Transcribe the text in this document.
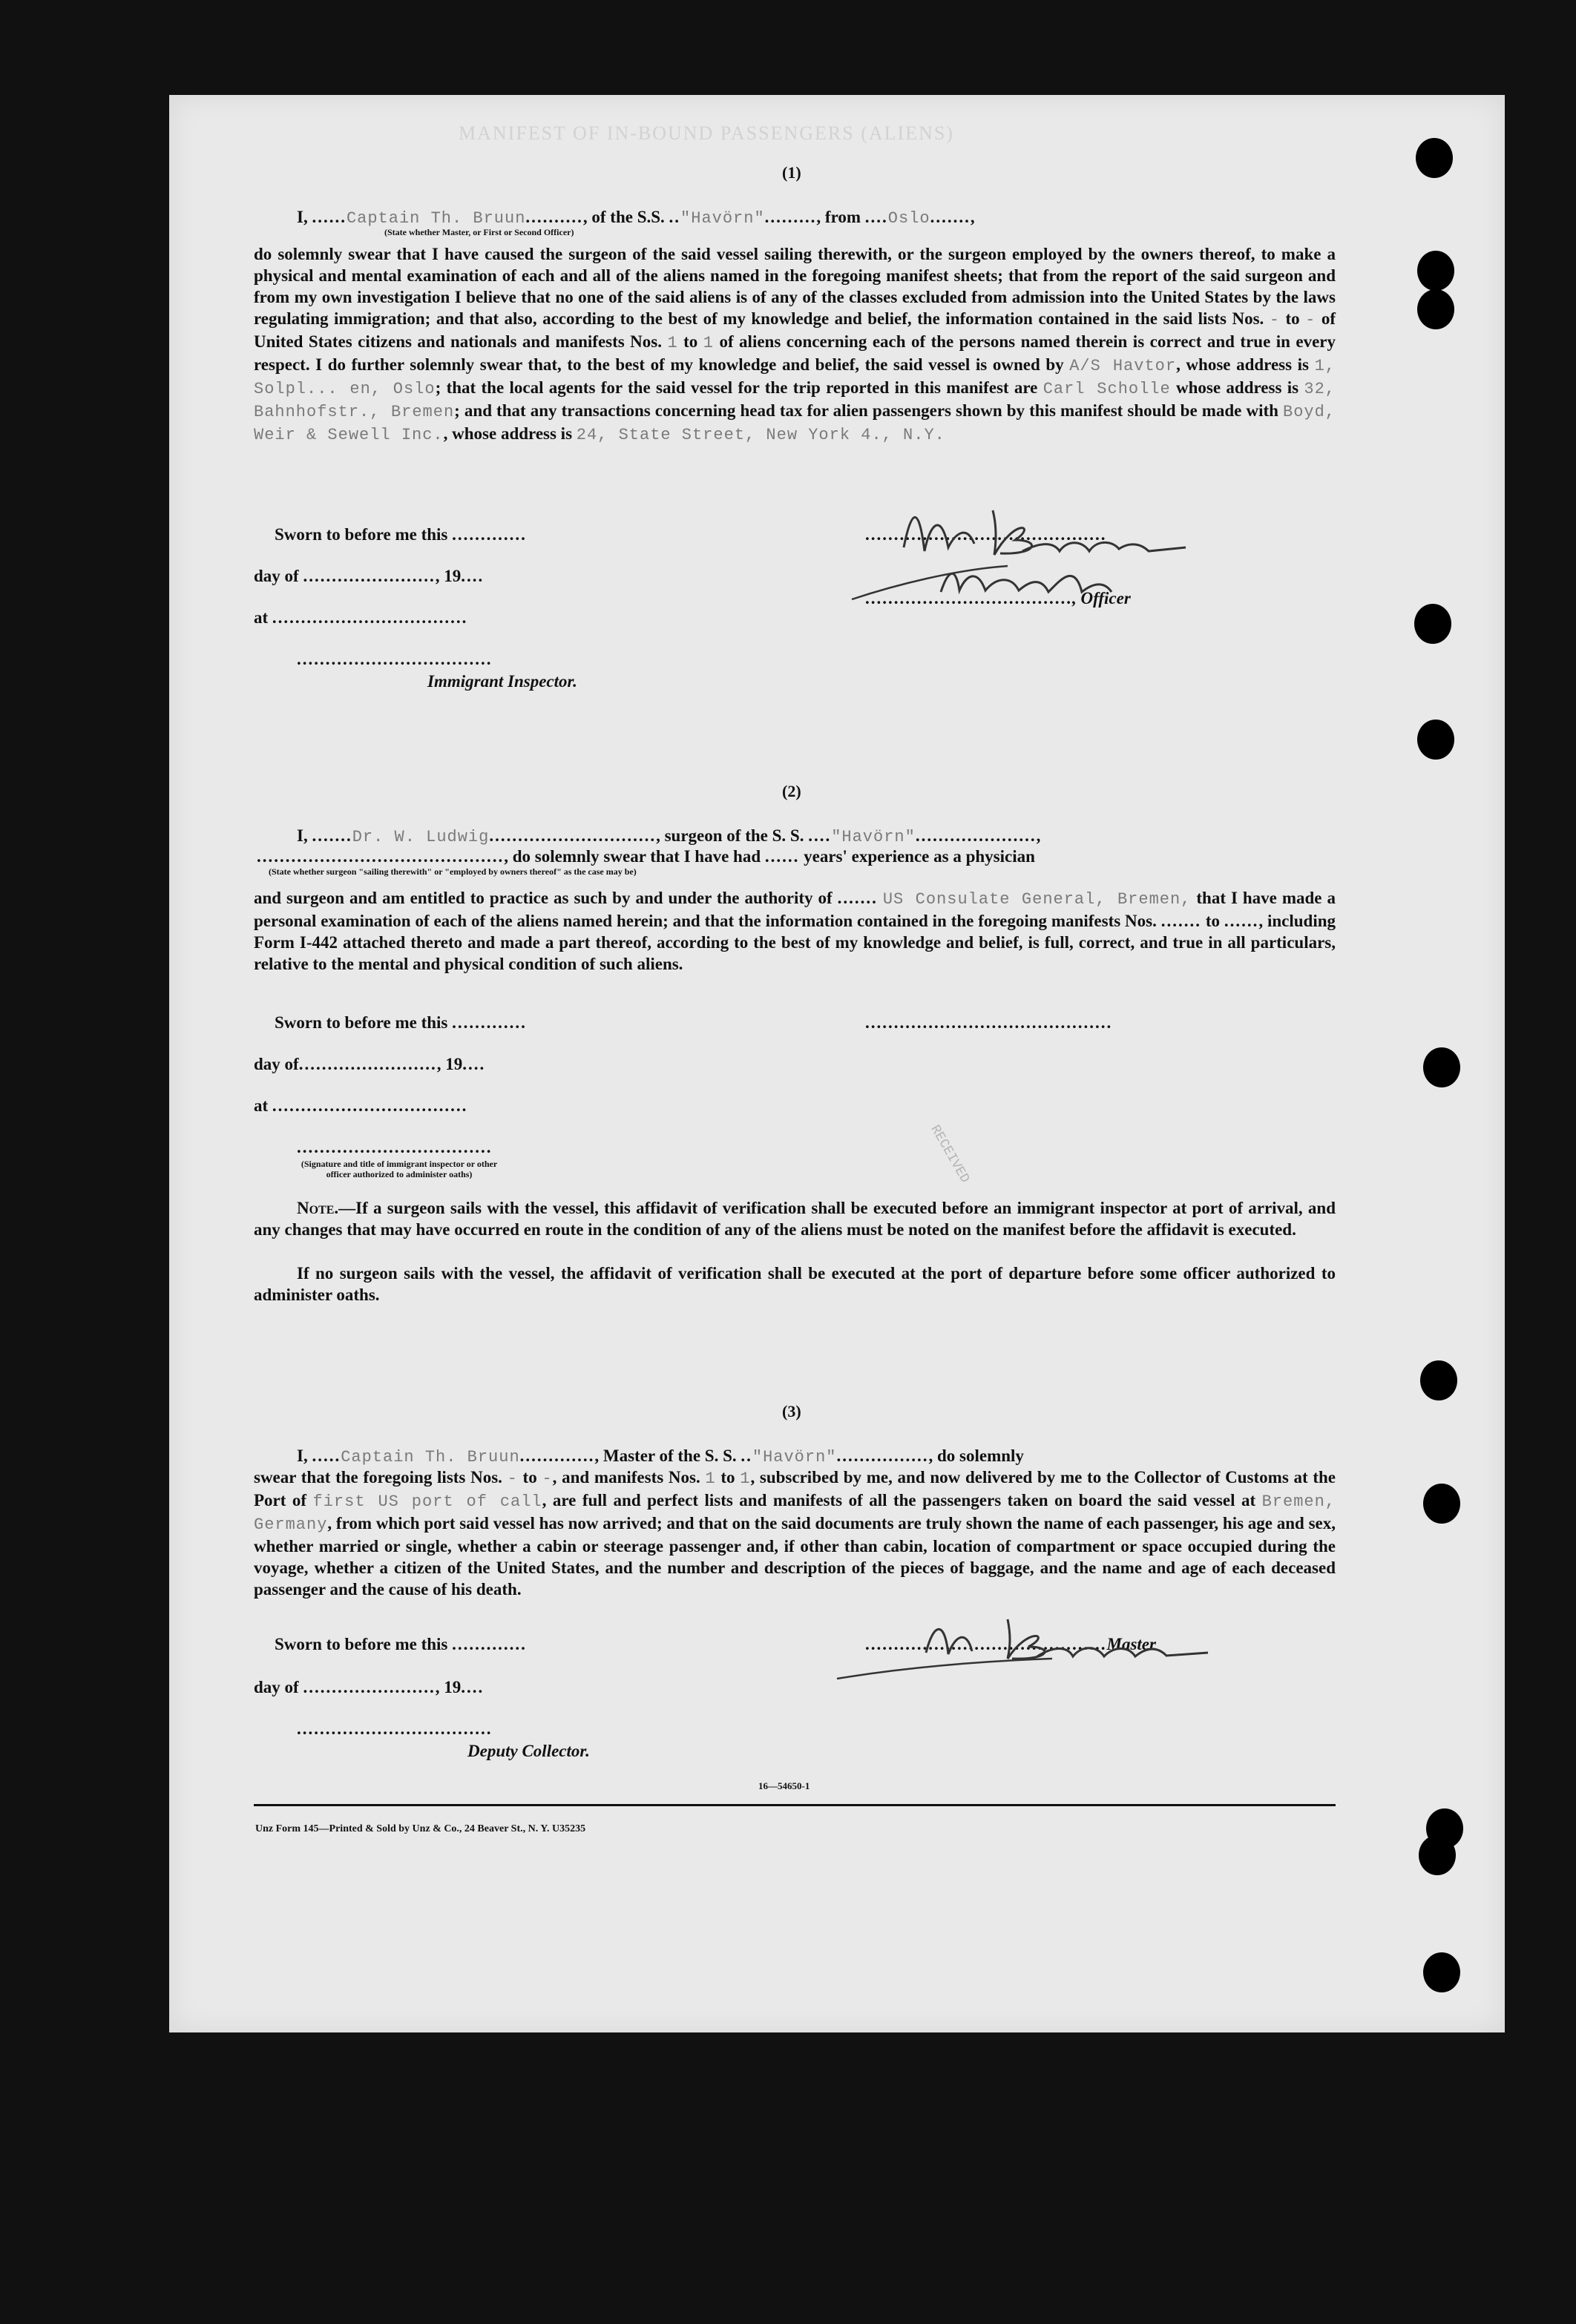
MANIFEST OF IN-BOUND PASSENGERS (ALIENS)
(1)
I, ......Captain Th. Bruun.........., of the S.S. .."Havörn"........., from ....Oslo.......,
(State whether Master, or First or Second Officer)

do solemnly swear that I have caused the surgeon of the said vessel sailing therewith, or the surgeon employed by the owners thereof, to make a physical and mental examination of each and all of the aliens named in the foregoing manifest sheets; that from the report of the said surgeon and from my own investigation I believe that no one of the said aliens is of any of the classes excluded from admission into the United States by the laws regulating immigration; and that also, according to the best of my knowledge and belief, the information contained in the said lists Nos. - to - of United States citizens and nationals and manifests Nos. 1 to 1 of aliens concerning each of the persons named therein is correct and true in every respect. I do further solemnly swear that, to the best of my knowledge and belief, the said vessel is owned by A/S Havtor, whose address is 1, Solpl... en, Oslo; that the local agents for the said vessel for the trip reported in this manifest are Carl Scholle whose address is 32, Bahnhofstr., Bremen; and that any transactions concerning head tax for alien passengers shown by this manifest should be made with Boyd, Weir & Sewell Inc., whose address is 24, State Street, New York 4., N.Y.

Sworn to before me this .............
day of ......................., 19....
at ..................................
..................................
Immigrant Inspector.
..........................................
...................................., Officer
(2)
I, .......Dr. W. Ludwig............................., surgeon of the S. S. ...."Havörn".....................,
..........................................., do solemnly swear that I have had ...... years' experience as a physician
(State whether surgeon "sailing therewith" or "employed by owners thereof" as the case may be)

and surgeon and am entitled to practice as such by and under the authority of ....... US Consulate General, Bremen, that I have made a personal examination of each of the aliens named herein; and that the information contained in the foregoing manifests Nos. ....... to ......, including Form I-442 attached thereto and made a part thereof, according to the best of my knowledge and belief, is full, correct, and true in all particulars, relative to the mental and physical condition of such aliens.

Sworn to before me this .............
day of........................, 19....
at ..................................
..................................
(Signature and title of immigrant inspector or other officer authorized to administer oaths)
...........................................
RECEIVED

Note.—If a surgeon sails with the vessel, this affidavit of verification shall be executed before an immigrant inspector at port of arrival, and any changes that may have occurred en route in the condition of any of the aliens must be noted on the manifest before the affidavit is executed.

If no surgeon sails with the vessel, the affidavit of verification shall be executed at the port of departure before some officer authorized to administer oaths.

(3)
I, .....Captain Th. Bruun............., Master of the S. S. .."Havörn"................, do solemnly

swear that the foregoing lists Nos. - to -, and manifests Nos. 1 to 1, subscribed by me, and now delivered by me to the Collector of Customs at the Port of first US port of call, are full and perfect lists and manifests of all the passengers taken on board the said vessel at Bremen, Germany, from which port said vessel has now arrived; and that on the said documents are truly shown the name of each passenger, his age and sex, whether married or single, whether a cabin or steerage passenger and, if other than cabin, location of compartment or space occupied during the voyage, whether a citizen of the United States, and the number and description of the pieces of baggage, and the name and age of each deceased passenger and the cause of his death.

Sworn to before me this .............
day of ......................., 19....
..................................
Deputy Collector.
..........................................Master
16—54650-1
Unz Form 145—Printed & Sold by Unz & Co., 24 Beaver St., N. Y. U35235
